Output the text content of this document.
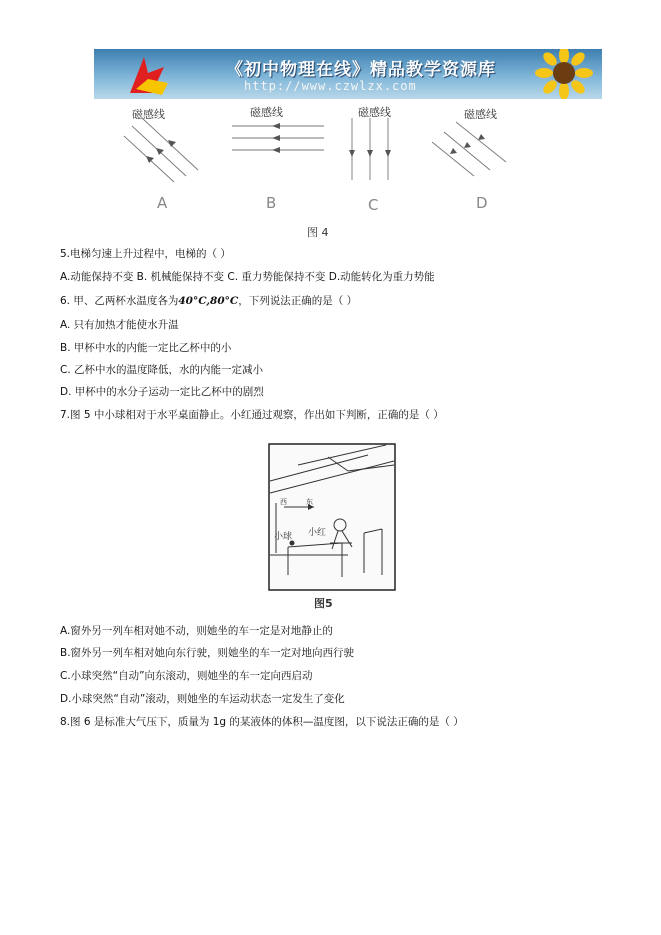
《初中物理在线》精品教学资源库
http://www.czwlzx.com
磁感线	磁感线	磁感线	磁感线
A	B	C	D
图 4
5.电梯匀速上升过程中，电梯的（ ）
A.动能保持不变 B. 机械能保持不变 C. 重力势能保持不变 D.动能转化为重力势能
6. 甲、乙两杯水温度各为40°C,80°C，下列说法正确的是（ ）
A. 只有加热才能使水升温
B. 甲杯中水的内能一定比乙杯中的小
C. 乙杯中水的温度降低，水的内能一定减小
D. 甲杯中的水分子运动一定比乙杯中的剧烈
7.图 5 中小球相对于水平桌面静止。小红通过观察，作出如下判断，正确的是（ ）
西	东
小球 小红
图5
A.窗外另一列车相对她不动，则她坐的车一定是对地静止的
B.窗外另一列车相对她向东行驶，则她坐的车一定对地向西行驶
C.小球突然“自动”向东滚动，则她坐的车一定向西启动
D.小球突然“自动”滚动，则她坐的车运动状态一定发生了变化
8.图 6 是标准大气压下，质量为 1g 的某液体的体积—温度图，以下说法正确的是（ ）
